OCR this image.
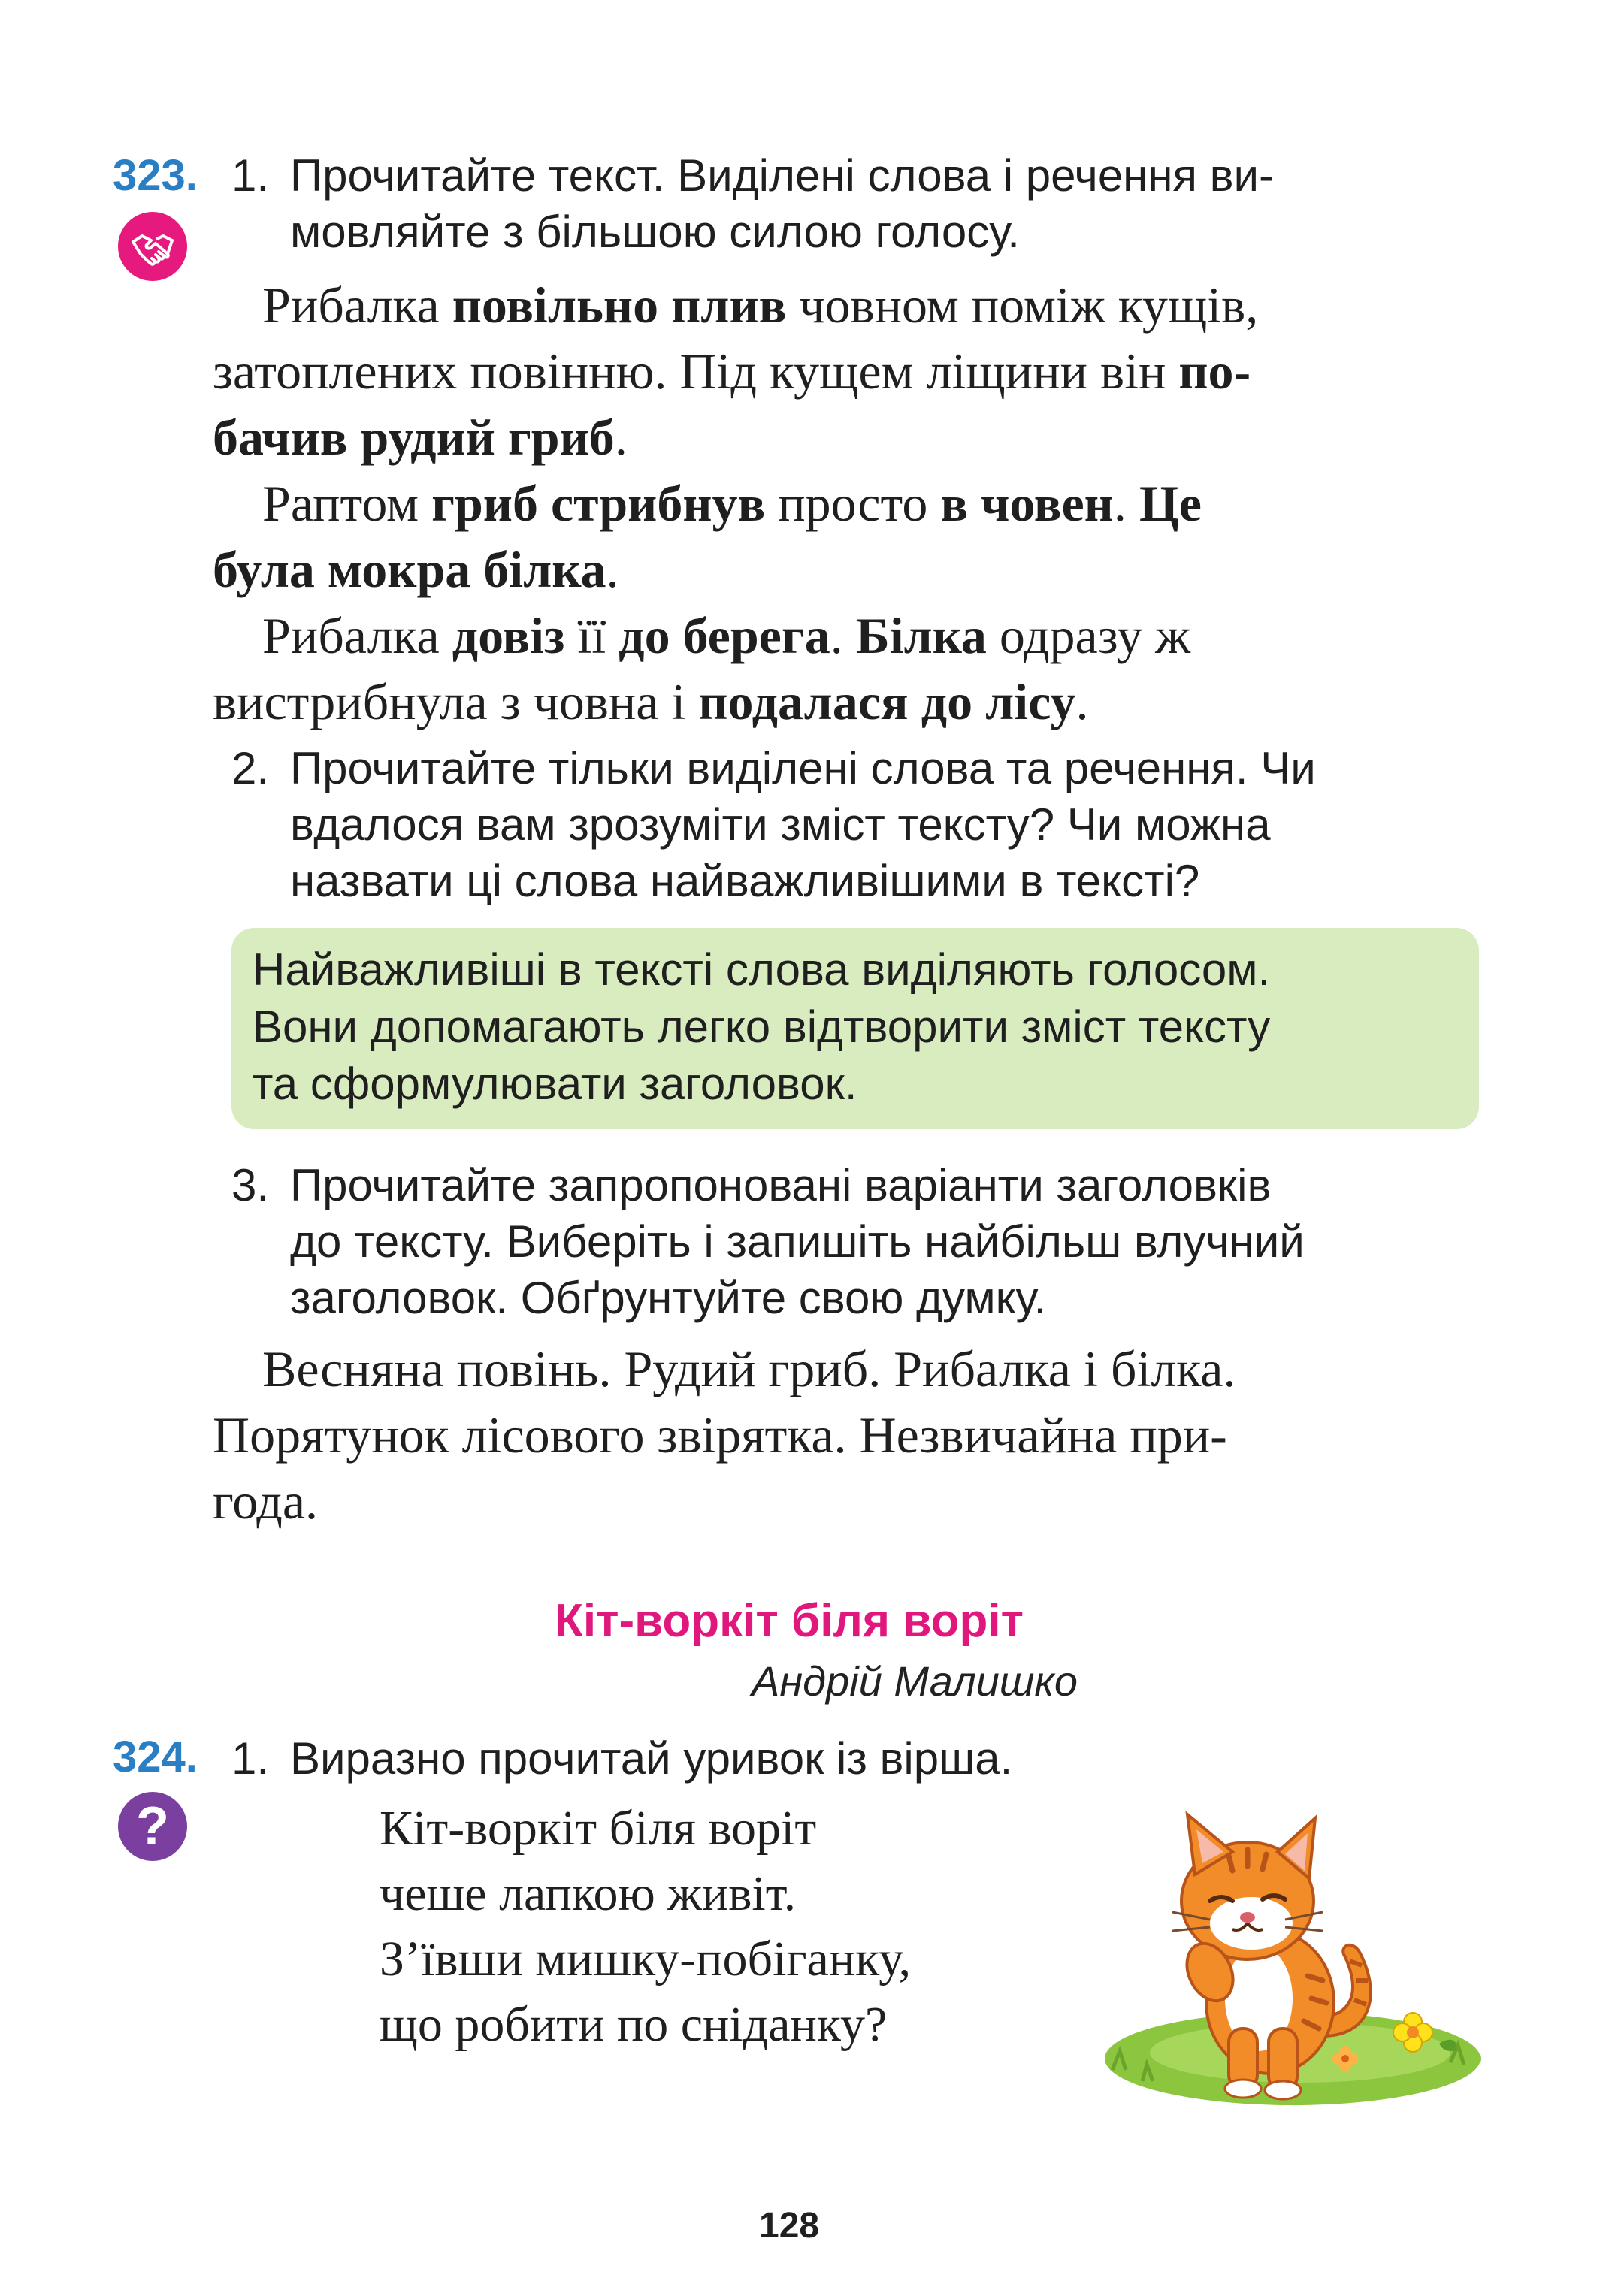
323. 1. Прочитайте текст. Виділені слова і речення ви-
мовляйте з більшою силою голосу.
Рибалка повільно плив човном поміж кущів,
затоплених повінню. Під кущем ліщини він по-
бачив рудий гриб.
Раптом гриб стрибнув просто в човен. Це
була мокра білка.
Рибалка довіз її до берега. Білка одразу ж
вистрибнула з човна і подалася до лісу.
2. Прочитайте тільки виділені слова та речення. Чи
вдалося вам зрозуміти зміст тексту? Чи можна
назвати ці слова найважливішими в тексті?
Найважливіші в тексті слова виділяють голосом.
Вони допомагають легко відтворити зміст тексту
та сформулювати заголовок.
3. Прочитайте запропоновані варіанти заголовків
до тексту. Виберіть і запишіть найбільш влучний
заголовок. Обґрунтуйте свою думку.
Весняна повінь. Рудий гриб. Рибалка і білка.
Порятунок лісового звірятка. Незвичайна при-
года.
Кіт-воркіт біля воріт
Андрій Малишко
324.
?
1. Виразно прочитай уривок із вірша.
Кіт-воркіт біля воріт
чеше лапкою живіт.
З’ївши мишку-побіганку,
що робити по сніданку?
128
